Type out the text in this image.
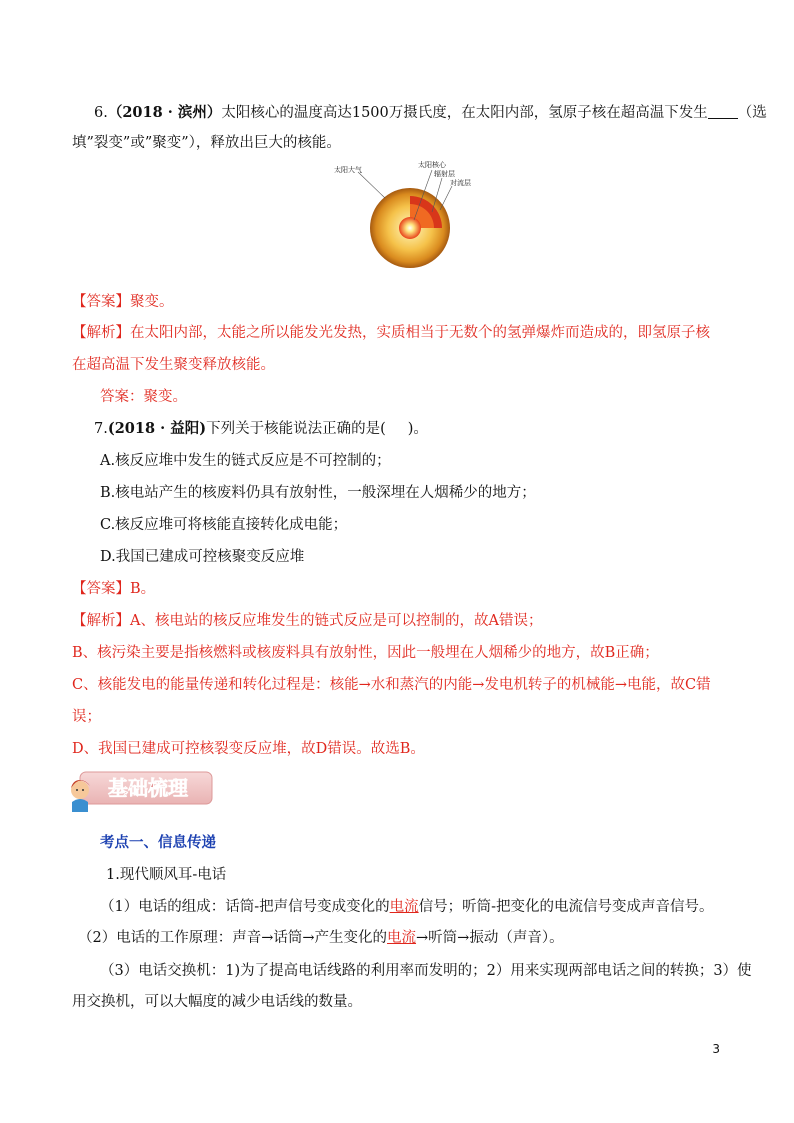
6.（2018 · 滨州）太阳核心的温度高达1500万摄氏度，在太阳内部，氢原子核在超高温下发生 （选
填”裂变”或”聚变”），释放出巨大的核能。
太阳大气
太阳核心
辐射层
对流层
【答案】聚变。
【解析】在太阳内部，太能之所以能发光发热，实质相当于无数个的氢弹爆炸而造成的，即氢原子核
在超高温下发生聚变释放核能。
答案：聚变。
7.(2018 · 益阳)下列关于核能说法正确的是( )。
A.核反应堆中发生的链式反应是不可控制的；
B.核电站产生的核废料仍具有放射性，一般深埋在人烟稀少的地方；
C.核反应堆可将核能直接转化成电能；
D.我国已建成可控核聚变反应堆
【答案】B。
【解析】A、核电站的核反应堆发生的链式反应是可以控制的，故A错误；
B、核污染主要是指核燃料或核废料具有放射性，因此一般埋在人烟稀少的地方，故B正确；
C、核能发电的能量传递和转化过程是：核能→水和蒸汽的内能→发电机转子的机械能→电能，故C错
误；
D、我国已建成可控核裂变反应堆，故D错误。故选B。
基础梳理
考点一、信息传递
1.现代顺风耳-电话
（1）电话的组成：话筒-把声信号变成变化的电流信号；听筒-把变化的电流信号变成声音信号。
（2）电话的工作原理：声音→话筒→产生变化的电流→听筒→振动（声音）。
（3）电话交换机：1)为了提高电话线路的利用率而发明的；2）用来实现两部电话之间的转换；3）使
用交换机，可以大幅度的减少电话线的数量。
3
